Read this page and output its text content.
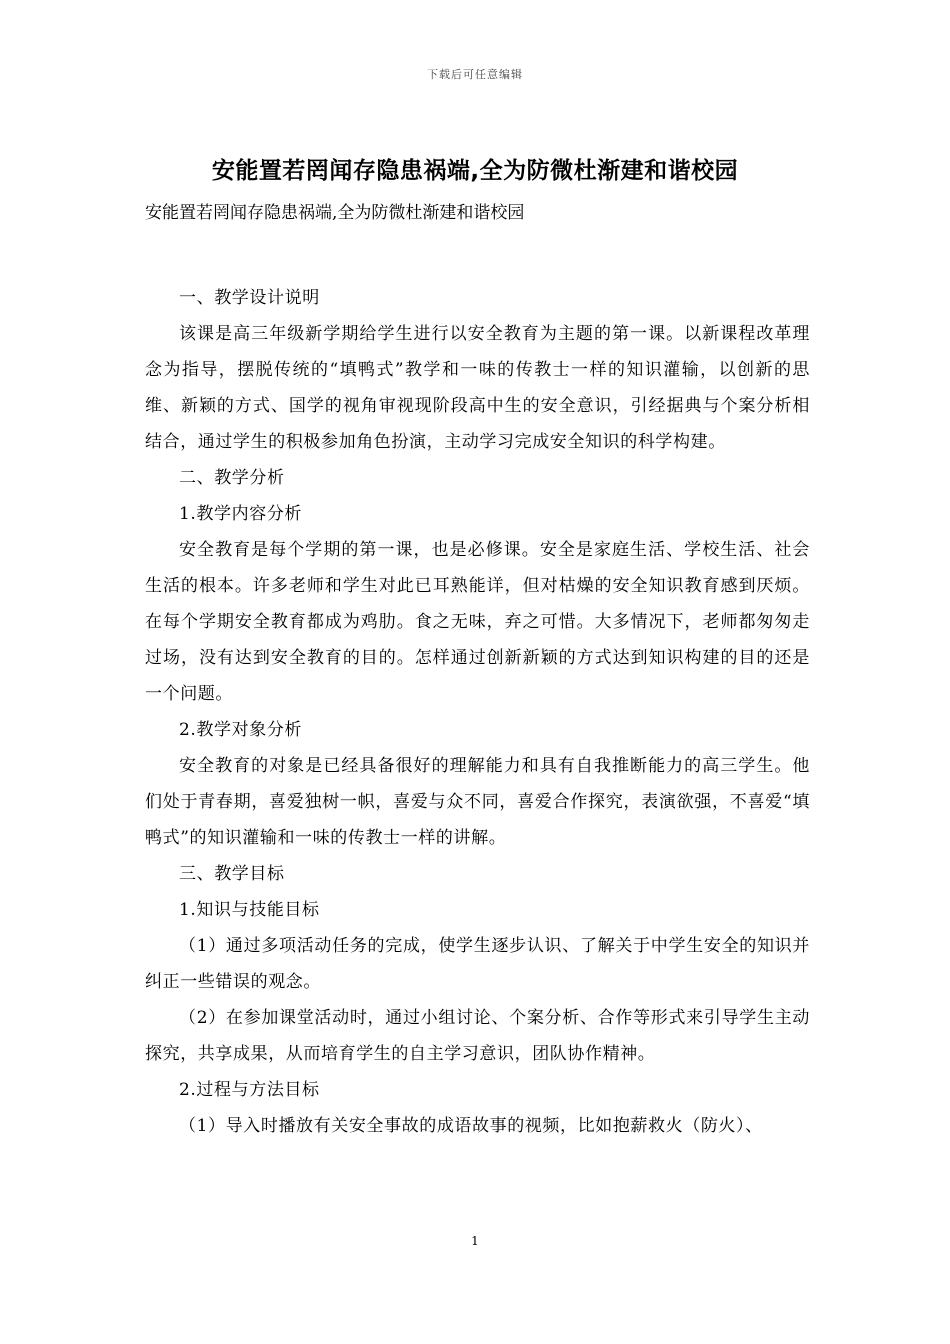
下载后可任意编辑
安能置若罔闻存隐患祸端,全为防微杜渐建和谐校园

安能置若罔闻存隐患祸端,全为防微杜渐建和谐校园

一、教学设计说明

该课是高三年级新学期给学生进行以安全教育为主题的第一课。以新课程改革理念为指导，摆脱传统的“填鸭式”教学和一味的传教士一样的知识灌输，以创新的思维、新颖的方式、国学的视角审视现阶段高中生的安全意识，引经据典与个案分析相结合，通过学生的积极参加角色扮演，主动学习完成安全知识的科学构建。

二、教学分析

1.教学内容分析

安全教育是每个学期的第一课，也是必修课。安全是家庭生活、学校生活、社会生活的根本。许多老师和学生对此已耳熟能详，但对枯燥的安全知识教育感到厌烦。在每个学期安全教育都成为鸡肋。食之无味，弃之可惜。大多情况下，老师都匆匆走过场，没有达到安全教育的目的。怎样通过创新新颖的方式达到知识构建的目的还是一个问题。

2.教学对象分析

安全教育的对象是已经具备很好的理解能力和具有自我推断能力的高三学生。他们处于青春期，喜爱独树一帜，喜爱与众不同，喜爱合作探究，表演欲强，不喜爱“填鸭式”的知识灌输和一味的传教士一样的讲解。

三、教学目标

1.知识与技能目标

（1）通过多项活动任务的完成，使学生逐步认识、了解关于中学生安全的知识并纠正一些错误的观念。

（2）在参加课堂活动时，通过小组讨论、个案分析、合作等形式来引导学生主动探究，共享成果，从而培育学生的自主学习意识，团队协作精神。

2.过程与方法目标

（1）导入时播放有关安全事故的成语故事的视频，比如抱薪救火（防火）、

1
